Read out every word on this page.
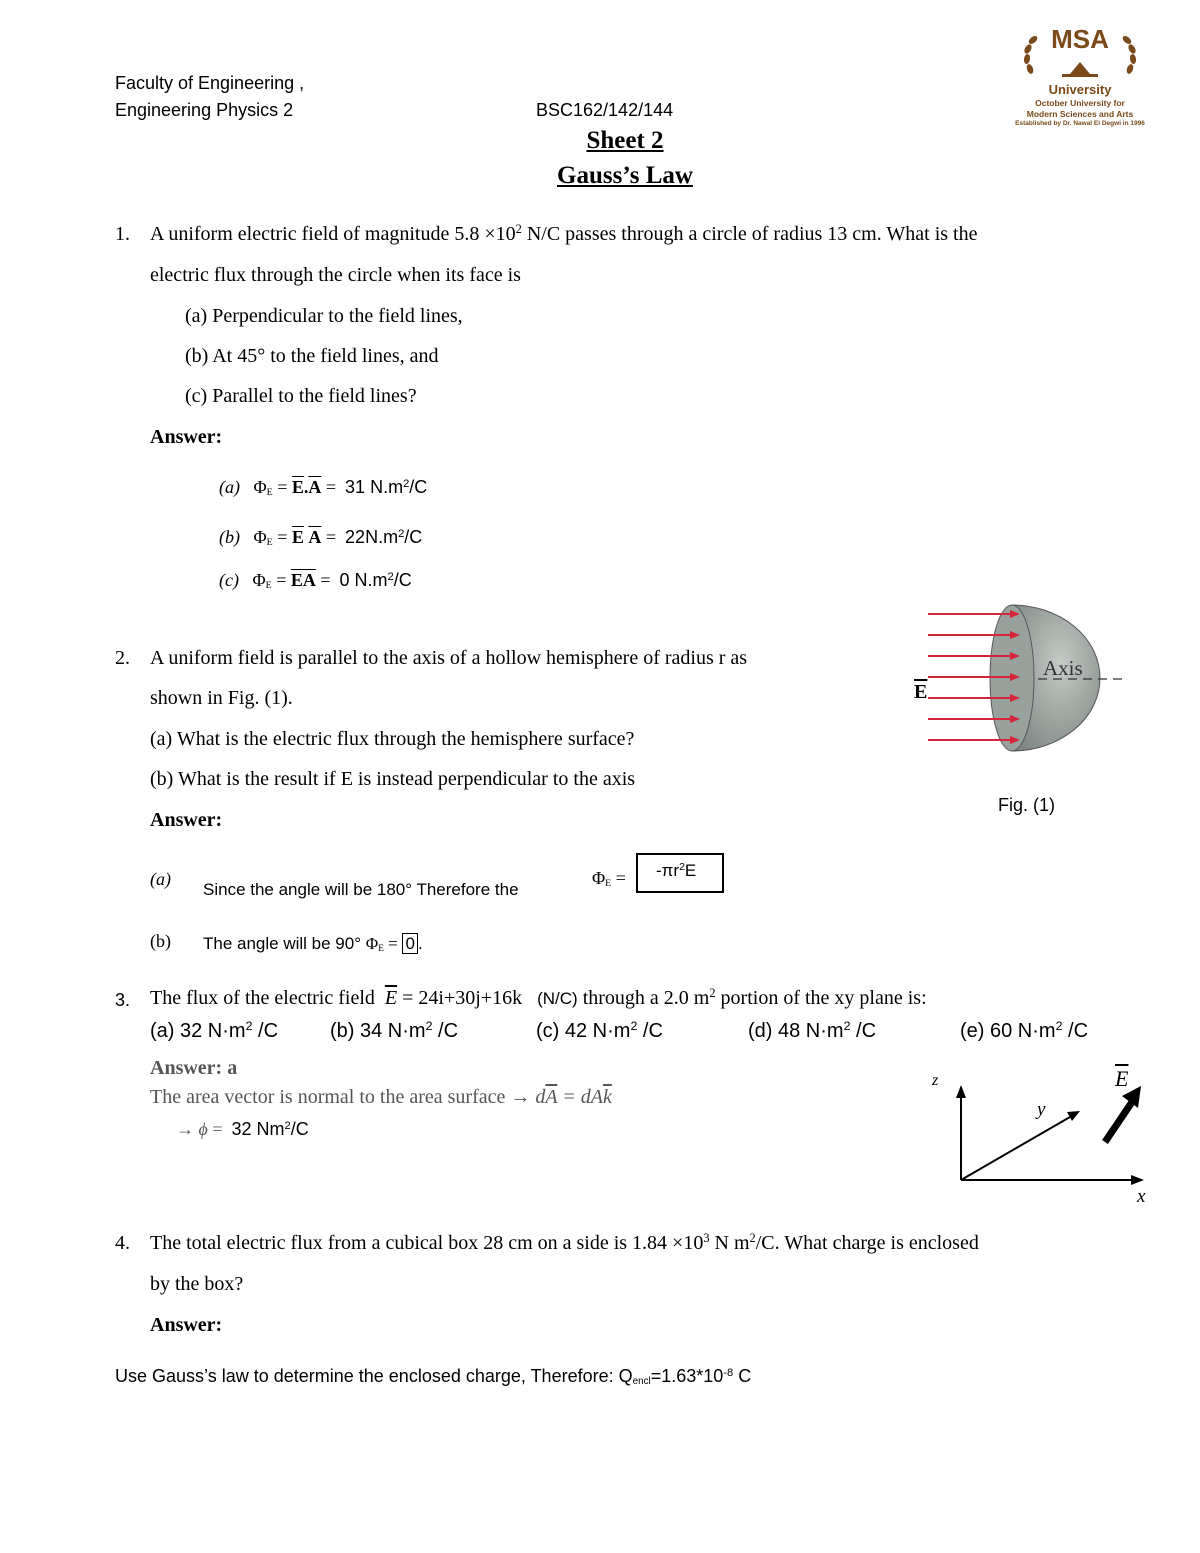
Faculty of Engineering ,
Engineering Physics 2	BSC162/142/144
Sheet 2
Gauss’s Law
MSA
University
October University for
Modern Sciences and Arts
Established by Dr. Nawal El Degwi in 1996
1. A uniform electric field of magnitude $5.8 \times 10^2$ N/C passes through a circle of radius 13 cm. What is the
electric flux through the circle when its face is
(a) Perpendicular to the field lines,
(b) At 45° to the field lines, and
(c) Parallel to the field lines?
Answer:
(a) $\Phi_E = \overline{E}.\overline{A} = 31$ $N.m^2/C$
(b) $\Phi_E = \overline{E}$ $\overline{A} = 22N.m^2/C$
(c) $\Phi_E = \overline{E}\overline{A} = 0$ $N.m^2/C$
2. A uniform field is parallel to the axis of a hollow hemisphere of radius r as
shown in Fig. (1).
(a) What is the electric flux through the hemisphere surface?
(b) What is the result if E is instead perpendicular to the axis
Answer:
Axis
$\overline{E}$
Fig. (1)
(a)
Since the angle will be 180° Therefore the
$\Phi_E$ =	$-\pi r^2E$
(b) The angle will be 90° $\Phi_E = 0$ .
3. The flux of the electric field $\overline{E} = 24i+30j+16k$ (N/C) through a 2.0 $m^2$ portion of the xy plane is:
(a) 32 $N\cdot m^2$ /C	(b) 34 $N\cdot m^2$ /C	(c) 42 $N\cdot m^2$ /C	(d) 48 $N\cdot m^2$ /C	(e) 60 $N\cdot m^2$ /C
Answer: a
The area vector is normal to the area surface → $d\overline{A} = dA\overline{k}$
→ ϕ =  32 Nm$^2$/C
z
y
x
$\overline{E}$
4. The total electric flux from a cubical box 28 cm on a side is $1.84 \times 10^3$ N $m^2/C$. What charge is enclosed
by the box?
Answer:
Use Gauss’s law to determine the enclosed charge, Therefore: $Q_{encl}=1.63*10^{-8}$ C
